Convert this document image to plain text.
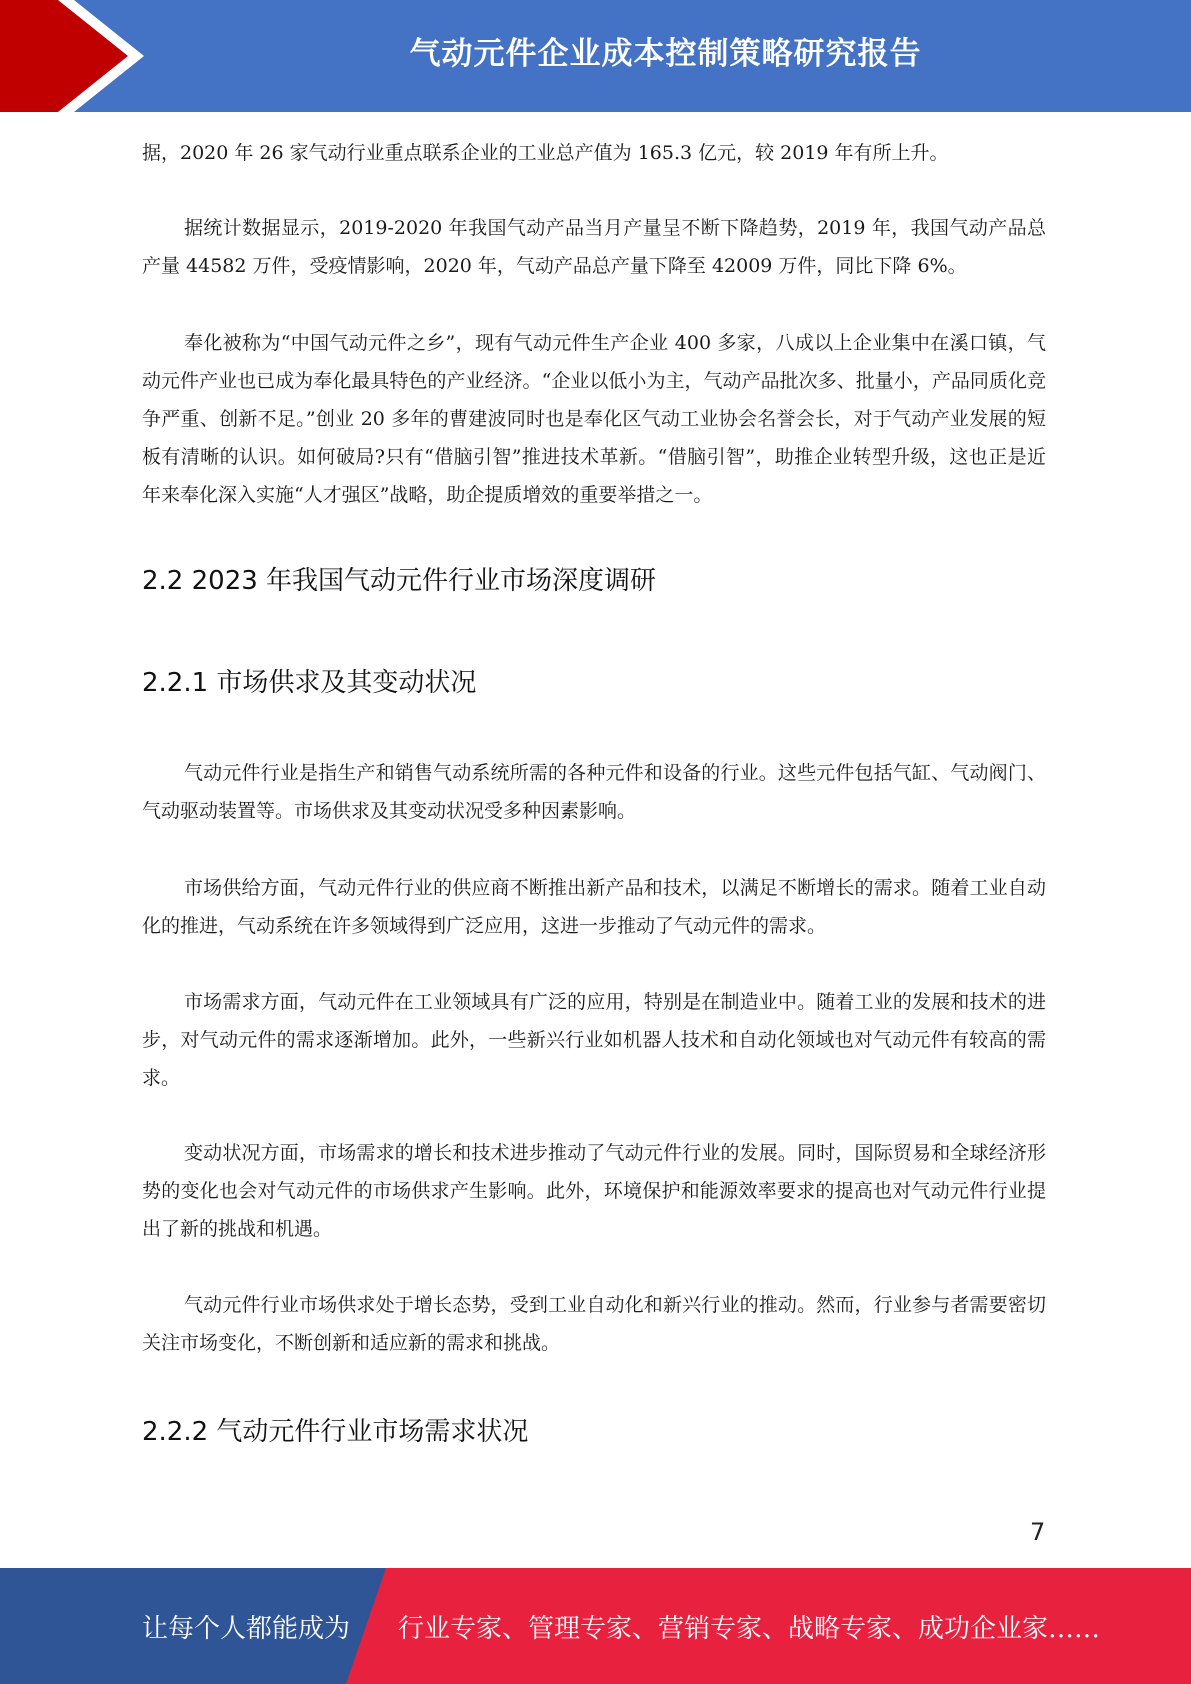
气动元件企业成本控制策略研究报告

据，2020 年 26 家气动行业重点联系企业的工业总产值为 165.3 亿元，较 2019 年有所上升。

据统计数据显示，2019-2020 年我国气动产品当月产量呈不断下降趋势，2019 年，我国气动产品总产量 44582 万件，受疫情影响，2020 年，气动产品总产量下降至 42009 万件，同比下降 6%。

奉化被称为“中国气动元件之乡”，现有气动元件生产企业 400 多家，八成以上企业集中在溪口镇，气动元件产业也已成为奉化最具特色的产业经济。“企业以低小为主，气动产品批次多、批量小，产品同质化竞争严重、创新不足。”创业 20 多年的曹建波同时也是奉化区气动工业协会名誉会长，对于气动产业发展的短板有清晰的认识。如何破局?只有“借脑引智”推进技术革新。“借脑引智”，助推企业转型升级，这也正是近年来奉化深入实施“人才强区”战略，助企提质增效的重要举措之一。

2.2 2023 年我国气动元件行业市场深度调研
2.2.1 市场供求及其变动状况

气动元件行业是指生产和销售气动系统所需的各种元件和设备的行业。这些元件包括气缸、气动阀门、气动驱动装置等。市场供求及其变动状况受多种因素影响。

市场供给方面，气动元件行业的供应商不断推出新产品和技术，以满足不断增长的需求。随着工业自动化的推进，气动系统在许多领域得到广泛应用，这进一步推动了气动元件的需求。

市场需求方面，气动元件在工业领域具有广泛的应用，特别是在制造业中。随着工业的发展和技术的进步，对气动元件的需求逐渐增加。此外，一些新兴行业如机器人技术和自动化领域也对气动元件有较高的需求。

变动状况方面，市场需求的增长和技术进步推动了气动元件行业的发展。同时，国际贸易和全球经济形势的变化也会对气动元件的市场供求产生影响。此外，环境保护和能源效率要求的提高也对气动元件行业提出了新的挑战和机遇。

气动元件行业市场供求处于增长态势，受到工业自动化和新兴行业的推动。然而，行业参与者需要密切关注市场变化，不断创新和适应新的需求和挑战。

2.2.2 气动元件行业市场需求状况
7
让每个人都能成为 行业专家、管理专家、营销专家、战略专家、成功企业家……
